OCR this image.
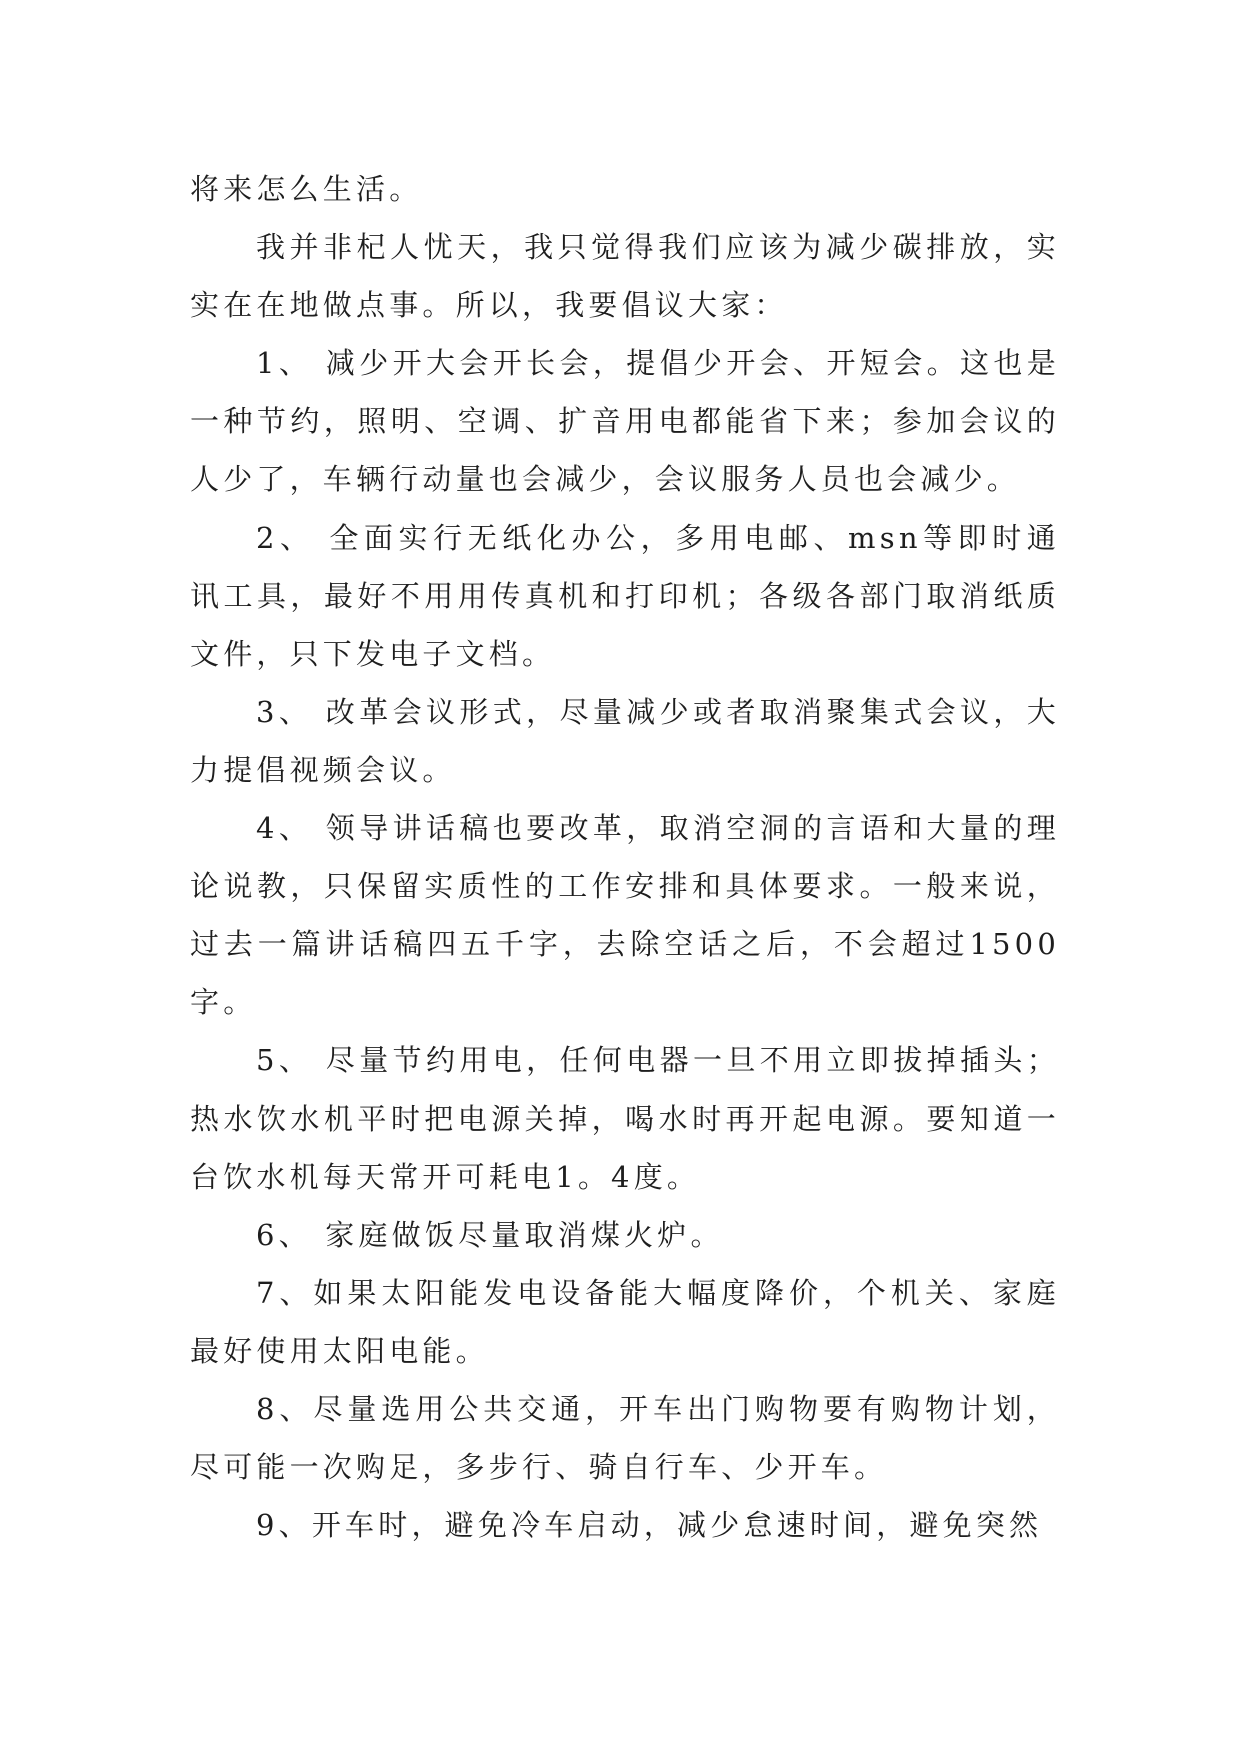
将来怎么生活。

我并非杞人忧天，我只觉得我们应该为减少碳排放，实实在在地做点事。所以，我要倡议大家：

1、 减少开大会开长会，提倡少开会、开短会。这也是一种节约，照明、空调、扩音用电都能省下来；参加会议的人少了，车辆行动量也会减少，会议服务人员也会减少。

2、 全面实行无纸化办公，多用电邮、msn等即时通讯工具，最好不用用传真机和打印机；各级各部门取消纸质文件，只下发电子文档。

3、 改革会议形式，尽量减少或者取消聚集式会议，大力提倡视频会议。

4、 领导讲话稿也要改革，取消空洞的言语和大量的理论说教，只保留实质性的工作安排和具体要求。一般来说，过去一篇讲话稿四五千字，去除空话之后，不会超过1500字。

5、 尽量节约用电，任何电器一旦不用立即拔掉插头；热水饮水机平时把电源关掉，喝水时再开起电源。要知道一台饮水机每天常开可耗电1。4度。

6、 家庭做饭尽量取消煤火炉。

7、如果太阳能发电设备能大幅度降价，个机关、家庭最好使用太阳电能。

8、尽量选用公共交通，开车出门购物要有购物计划，尽可能一次购足，多步行、骑自行车、少开车。

9、开车时，避免冷车启动，减少怠速时间，避免突然
